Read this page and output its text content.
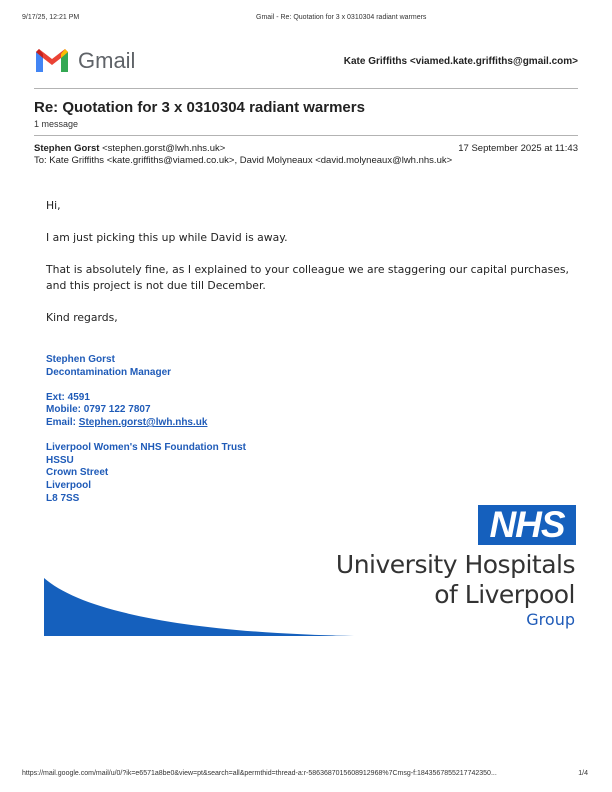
9/17/25, 12:21 PM	Gmail - Re: Quotation for 3 x 0310304 radiant warmers
Gmail	Kate Griffiths <viamed.kate.griffiths@gmail.com>
Re: Quotation for 3 x 0310304 radiant warmers
1 message
Stephen Gorst <stephen.gorst@lwh.nhs.uk>	17 September 2025 at 11:43
To: Kate Griffiths <kate.griffiths@viamed.co.uk>, David Molyneaux <david.molyneaux@lwh.nhs.uk>

Hi,

I am just picking this up while David is away.

That is absolutely fine, as I explained to your colleague we are staggering our capital purchases, and this project is not due till December.

Kind regards,

Stephen Gorst
Decontamination Manager
Ext: 4591
Mobile: 0797 122 7807
Email: Stephen.gorst@lwh.nhs.uk
Liverpool Women's NHS Foundation Trust
HSSU
Crown Street
Liverpool
L8 7SS
NHS
University Hospitals
of Liverpool
Group
https://mail.google.com/mail/u/0/?ik=e6571a8be0&view=pt&search=all&permthid=thread-a:r-5863687015608912968%7Cmsg-f:1843567855217742350...	1/4
